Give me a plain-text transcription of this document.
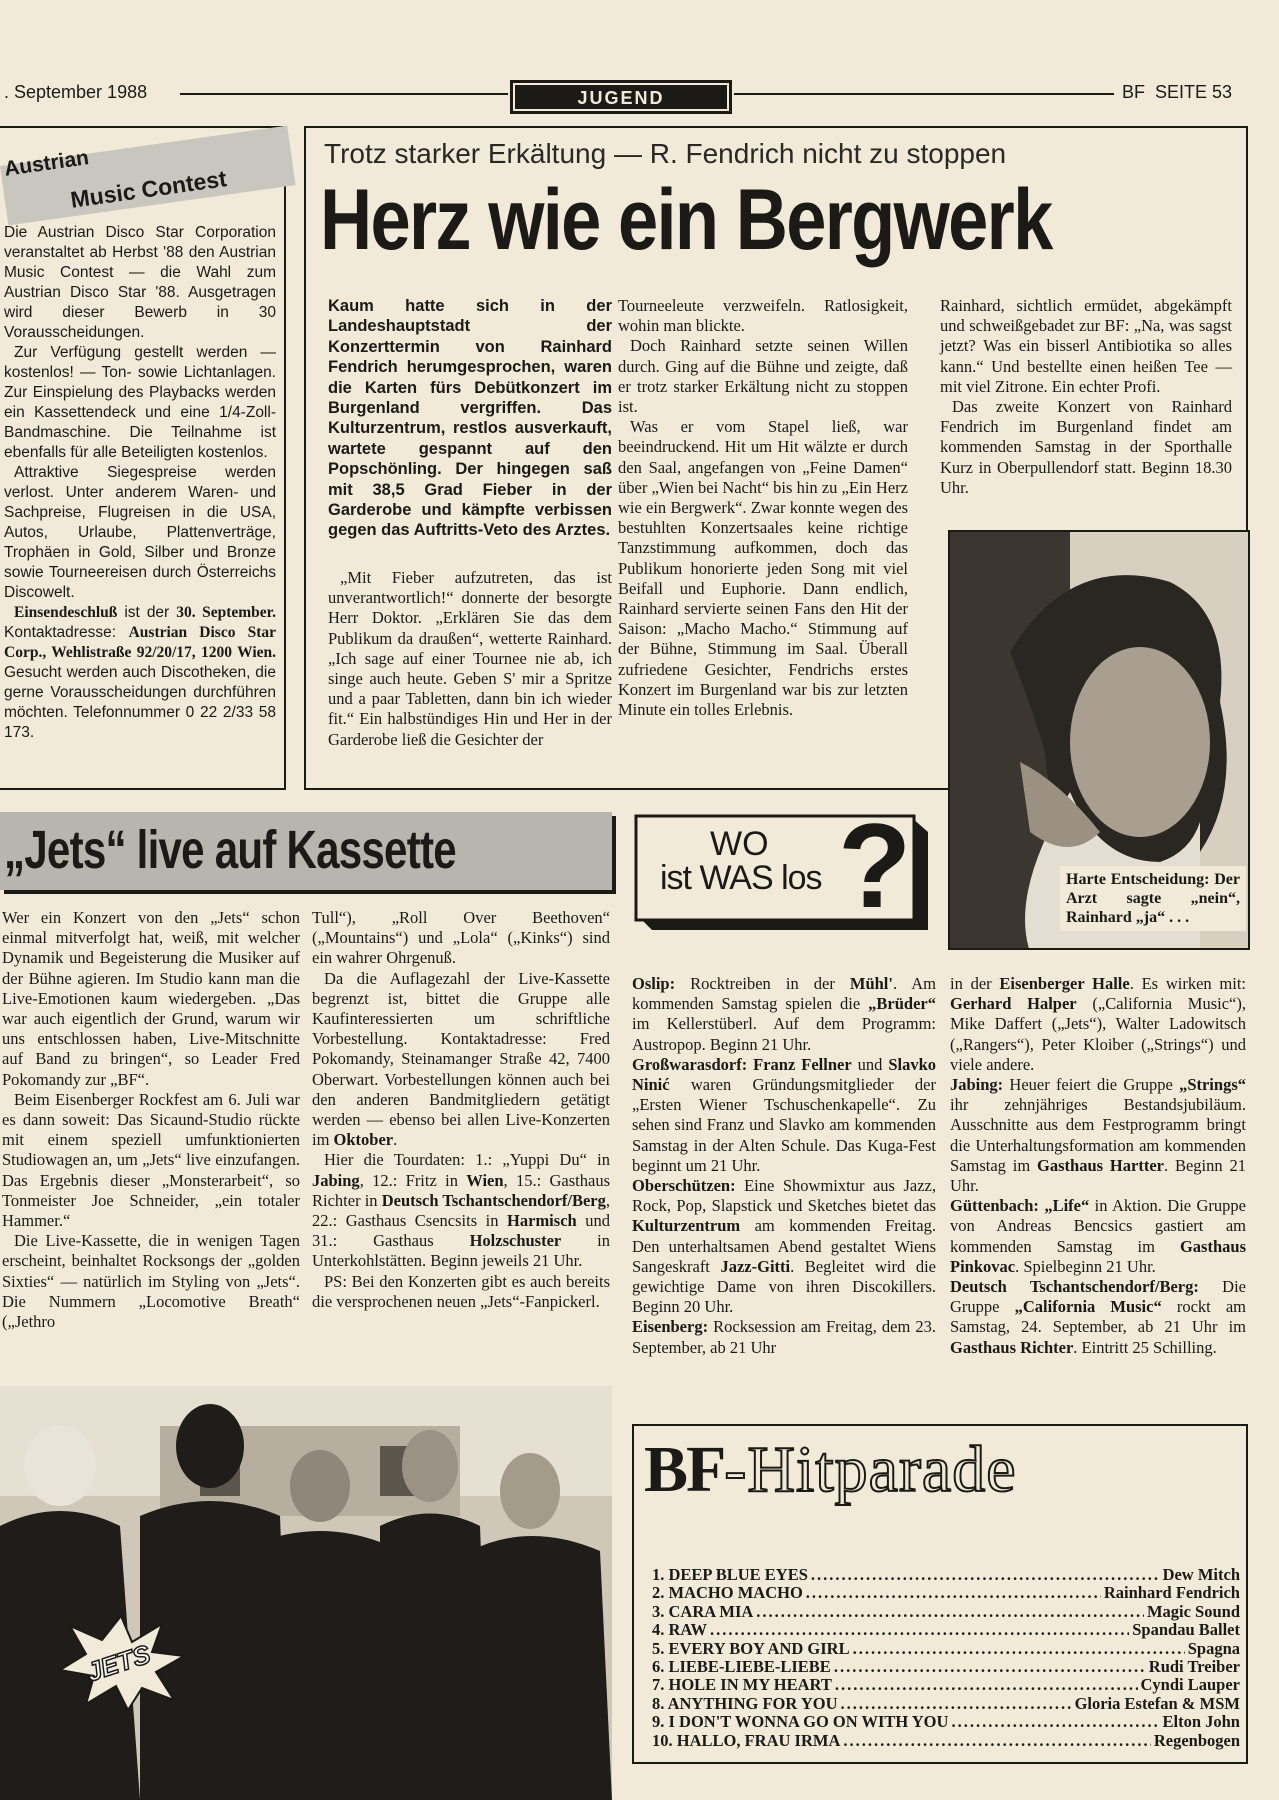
. September 1988	JUGEND	BF  SEITE 53
Austrian
Music Contest

Die Austrian Disco Star Corporation veranstaltet ab Herbst '88 den Austrian Music Contest — die Wahl zum Austrian Disco Star '88. Ausgetragen wird dieser Bewerb in 30 Vorausscheidungen.

Zur Verfügung gestellt werden — kostenlos! — Ton- sowie Lichtanlagen. Zur Einspielung des Playbacks werden ein Kassettendeck und eine 1/4-Zoll-Bandmaschine. Die Teilnahme ist ebenfalls für alle Beteiligten kostenlos.

Attraktive Siegespreise werden verlost. Unter anderem Waren- und Sachpreise, Flugreisen in die USA, Autos, Urlaube, Plattenverträge, Trophäen in Gold, Silber und Bronze sowie Tourneereisen durch Österreichs Discowelt.

Einsendeschluß ist der 30. September. Kontaktadresse: Austrian Disco Star Corp., Wehlistraße 92/20/17, 1200 Wien. Gesucht werden auch Discotheken, die gerne Vorausscheidungen durchführen möchten. Telefonnummer 0 22 2/33 58 173.

Trotz starker Erkältung — R. Fendrich nicht zu stoppen
Herz wie ein Bergwerk
Kaum hatte sich in der Landeshauptstadt der Konzerttermin von Rainhard Fendrich herumgesprochen, waren die Karten fürs Debütkonzert im Burgenland vergriffen. Das Kulturzentrum, restlos ausverkauft, wartete gespannt auf den Popschönling. Der hingegen saß mit 38,5 Grad Fieber in der Garderobe und kämpfte verbissen gegen das Auftritts-Veto des Arztes.

„Mit Fieber aufzutreten, das ist unverantwortlich!“ donnerte der besorgte Herr Doktor. „Erklären Sie das dem Publikum da draußen“, wetterte Rainhard. „Ich sage auf einer Tournee nie ab, ich singe auch heute. Geben S' mir a Spritze und a paar Tabletten, dann bin ich wieder fit.“ Ein halbstündiges Hin und Her in der Garderobe ließ die Gesichter der

Tourneeleute verzweifeln. Ratlosigkeit, wohin man blickte.

Doch Rainhard setzte seinen Willen durch. Ging auf die Bühne und zeigte, daß er trotz starker Erkältung nicht zu stoppen ist.

Was er vom Stapel ließ, war beeindruckend. Hit um Hit wälzte er durch den Saal, angefangen von „Feine Damen“ über „Wien bei Nacht“ bis hin zu „Ein Herz wie ein Bergwerk“. Zwar konnte wegen des bestuhlten Konzertsaales keine richtige Tanzstimmung aufkommen, doch das Publikum honorierte jeden Song mit viel Beifall und Euphorie. Dann endlich, Rainhard servierte seinen Fans den Hit der Saison: „Macho Macho.“ Stimmung auf der Bühne, Stimmung im Saal. Überall zufriedene Gesichter, Fendrichs erstes Konzert im Burgenland war bis zur letzten Minute ein tolles Erlebnis.

Rainhard, sichtlich ermüdet, abgekämpft und schweißgebadet zur BF: „Na, was sagst jetzt? Was ein bisserl Antibiotika so alles kann.“ Und bestellte einen heißen Tee — mit viel Zitrone. Ein echter Profi.

Das zweite Konzert von Rainhard Fendrich im Burgenland findet am kommenden Samstag in der Sporthalle Kurz in Oberpullendorf statt. Beginn 18.30 Uhr.

Harte Entscheidung: Der Arzt sagte „nein“, Rainhard „ja“ . . .
„Jets“ live auf Kassette

Wer ein Konzert von den „Jets“ schon einmal mitverfolgt hat, weiß, mit welcher Dynamik und Begeisterung die Musiker auf der Bühne agieren. Im Studio kann man die Live-Emotionen kaum wiedergeben. „Das war auch eigentlich der Grund, warum wir uns entschlossen haben, Live-Mitschnitte auf Band zu bringen“, so Leader Fred Pokomandy zur „BF“.

Beim Eisenberger Rockfest am 6. Juli war es dann soweit: Das Sicaund-Studio rückte mit einem speziell umfunktionierten Studiowagen an, um „Jets“ live einzufangen. Das Ergebnis dieser „Monsterarbeit“, so Tonmeister Joe Schneider, „ein totaler Hammer.“

Die Live-Kassette, die in wenigen Tagen erscheint, beinhaltet Rocksongs der „golden Sixties“ — natürlich im Styling von „Jets“. Die Nummern „Locomotive Breath“ („Jethro

Tull“), „Roll Over Beethoven“ („Mountains“) und „Lola“ („Kinks“) sind ein wahrer Ohrgenuß.

Da die Auflagezahl der Live-Kassette begrenzt ist, bittet die Gruppe alle Kaufinteressierten um schriftliche Vorbestellung. Kontaktadresse: Fred Pokomandy, Steinamanger Straße 42, 7400 Oberwart. Vorbestellungen können auch bei den anderen Bandmitgliedern getätigt werden — ebenso bei allen Live-Konzerten im Oktober.

Hier die Tourdaten: 1.: „Yuppi Du“ in Jabing, 12.: Fritz in Wien, 15.: Gasthaus Richter in Deutsch Tschantschendorf/Berg, 22.: Gasthaus Csencsits in Harmisch und 31.: Gasthaus Holzschuster in Unterkohlstätten. Beginn jeweils 21 Uhr.

PS: Bei den Konzerten gibt es auch bereits die versprochenen neuen „Jets“-Fanpickerl.

JETS
WO
ist WAS los ?

Oslip: Rocktreiben in der Mühl'. Am kommenden Samstag spielen die „Brüder“ im Kellerstüberl. Auf dem Programm: Austropop. Beginn 21 Uhr.

Großwarasdorf: Franz Fellner und Slavko Ninić waren Gründungsmitglieder der „Ersten Wiener Tschuschenkapelle“. Zu sehen sind Franz und Slavko am kommenden Samstag in der Alten Schule. Das Kuga-Fest beginnt um 21 Uhr.

Oberschützen: Eine Showmixtur aus Jazz, Rock, Pop, Slapstick und Sketches bietet das Kulturzentrum am kommenden Freitag. Den unterhaltsamen Abend gestaltet Wiens Sangeskraft Jazz-Gitti. Begleitet wird die gewichtige Dame von ihren Discokillers. Beginn 20 Uhr.

Eisenberg: Rocksession am Freitag, dem 23. September, ab 21 Uhr

in der Eisenberger Halle. Es wirken mit: Gerhard Halper („California Music“), Mike Daffert („Jets“), Walter Ladowitsch („Rangers“), Peter Kloiber („Strings“) und viele andere.

Jabing: Heuer feiert die Gruppe „Strings“ ihr zehnjähriges Bestandsjubiläum. Ausschnitte aus dem Festprogramm bringt die Unterhaltungsformation am kommenden Samstag im Gasthaus Hartter. Beginn 21 Uhr.

Güttenbach: „Life“ in Aktion. Die Gruppe von Andreas Bencsics gastiert am kommenden Samstag im Gasthaus Pinkovac. Spielbeginn 21 Uhr.

Deutsch Tschantschendorf/Berg: Die Gruppe „California Music“ rockt am Samstag, 24. September, ab 21 Uhr im Gasthaus Richter. Eintritt 25 Schilling.

BF-Hitparade
1. DEEP BLUE EYES .....	Dew Mitch
2. MACHO MACHO .....	Rainhard Fendrich
3. CARA MIA .....	Magic Sound
4. RAW .....	Spandau Ballet
5. EVERY BOY AND GIRL .....	Spagna
6. LIEBE-LIEBE-LIEBE .....	Rudi Treiber
7. HOLE IN MY HEART .....	Cyndi Lauper
8. ANYTHING FOR YOU .....	Gloria Estefan & MSM
9. I DON'T WONNA GO ON WITH YOU .....	Elton John
10. HALLO, FRAU IRMA .....	Regenbogen
